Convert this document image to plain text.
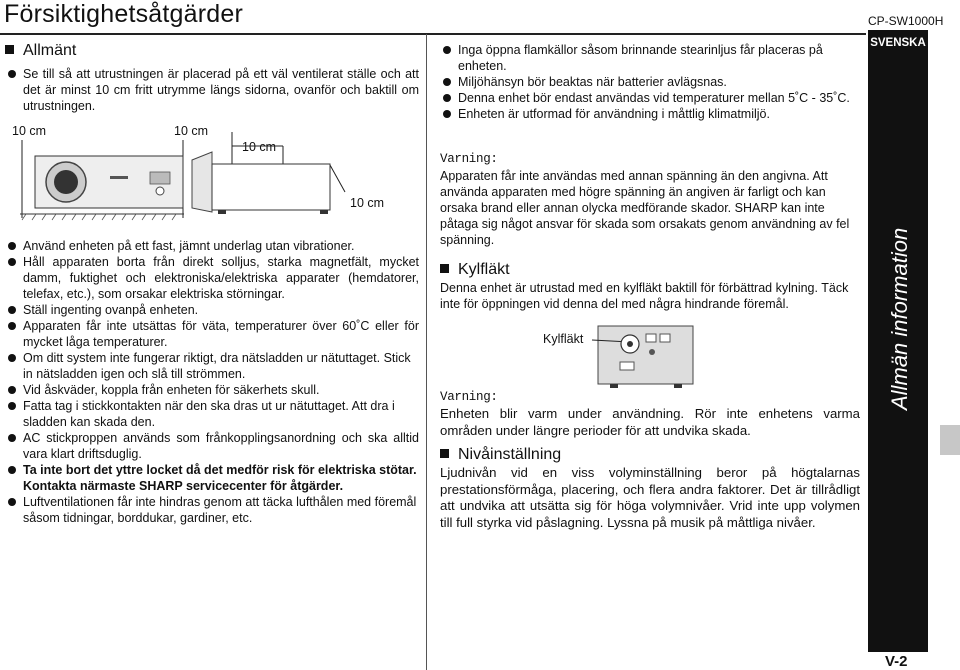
Försiktighetsåtgärder	CP-SW1000H
SVENSKA
Allmän information
V-2
Allmänt
Se till så att utrustningen är placerad på ett väl ventilerat ställe och att det är minst 10 cm fritt utrymme längs sidorna, ovanför och baktill om utrustningen.
10 cm	10 cm
10 cm
10 cm
Använd enheten på ett fast, jämnt underlag utan vibrationer.
Håll apparaten borta från direkt solljus, starka magnetfält, mycket damm, fuktighet och elektroniska/elektriska apparater (hemdatorer, telefax, etc.), som orsakar elektriska störningar.
Ställ ingenting ovanpå enheten.
Apparaten får inte utsättas för väta, temperaturer över 60˚C eller för mycket låga temperaturer.
Om ditt system inte fungerar riktigt, dra nätsladden ur nätuttaget. Stick in nätsladden igen och slå till strömmen.
Vid åskväder, koppla från enheten för säkerhets skull.
Fatta tag i stickkontakten när den ska dras ut ur nätuttaget. Att dra i sladden kan skada den.
AC stickproppen används som frånkopplingsanordning och ska alltid vara klart driftsduglig.
Ta inte bort det yttre locket då det medför risk för elektriska stötar. Kontakta närmaste SHARP servicecenter för åtgärder.
Luftventilationen får inte hindras genom att täcka lufthålen med föremål såsom tidningar, borddukar, gardiner, etc.
Inga öppna flamkällor såsom brinnande stearinljus får placeras på enheten.
Miljöhänsyn bör beaktas när batterier avlägsnas.
Denna enhet bör endast användas vid temperaturer mellan 5˚C - 35˚C.
Enheten är utformad för användning i måttlig klimatmiljö.
Varning:
Apparaten får inte användas med annan spänning än den angivna. Att använda apparaten med högre spänning än angiven är farligt och kan orsaka brand eller annan olycka medförande skador. SHARP kan inte påtaga sig något ansvar för skada som orsakats genom användning av fel spänning.
Kylfläkt
Denna enhet är utrustad med en kylfläkt baktill för förbättrad kylning. Täck inte för öppningen vid denna del med några hindrande föremål.
Kylfläkt
Varning:
Enheten blir varm under användning. Rör inte enhetens varma områden under längre perioder för att undvika skada.
Nivåinställning
Ljudnivån vid en viss volyminställning beror på högtalarnas prestationsförmåga, placering, och flera andra faktorer. Det är tillrådligt att undvika att utsätta sig för höga volymnivåer. Vrid inte upp volymen till full styrka vid påslagning. Lyssna på musik på måttliga nivåer.
